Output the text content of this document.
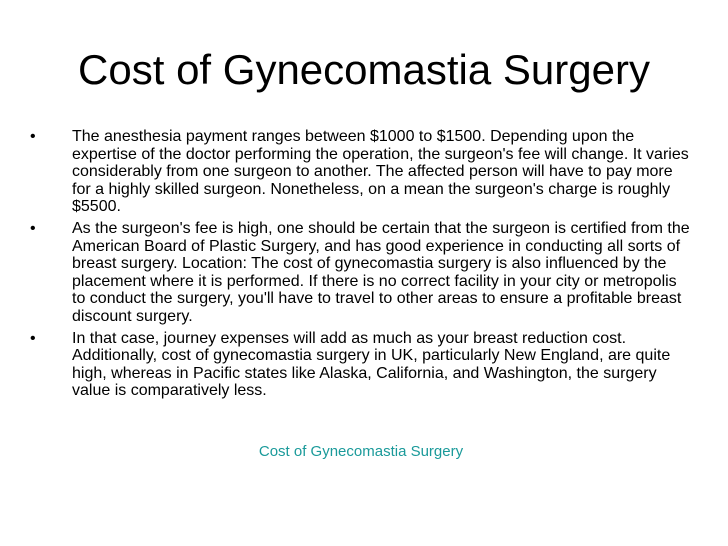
Cost of Gynecomastia Surgery
•	The anesthesia payment ranges between $1000 to $1500. Depending upon the expertise of the doctor performing the operation, the surgeon's fee will change. It varies considerably from one surgeon to another. The affected person will have to pay more for a highly skilled surgeon. Nonetheless, on a mean the surgeon's charge is roughly $5500.
•	As the surgeon's fee is high, one should be certain that the surgeon is certified from the American Board of Plastic Surgery, and has good experience in conducting all sorts of breast surgery. Location: The cost of gynecomastia surgery is also influenced by the placement where it is performed. If there is no correct facility in your city or metropolis to conduct the surgery, you'll have to travel to other areas to ensure a profitable breast discount surgery.
•	In that case, journey expenses will add as much as your breast reduction cost. Additionally, cost of gynecomastia surgery in UK, particularly New England, are quite high, whereas in Pacific states like Alaska, California, and Washington, the surgery value is comparatively less.
Cost of Gynecomastia Surgery
